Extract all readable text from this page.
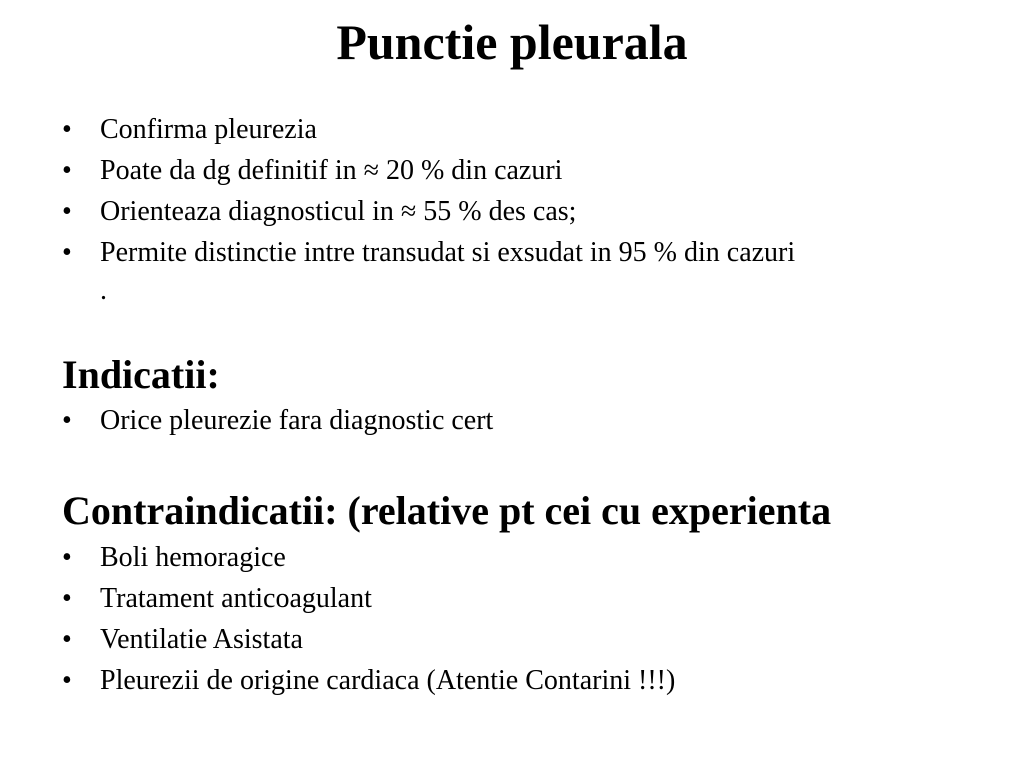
Punctie pleurala
• Confirma pleurezia
• Poate da dg definitif in ≈ 20 % din cazuri
• Orienteaza diagnosticul in ≈ 55 % des cas;
• Permite distinctie intre transudat si exsudat in 95 % din cazuri
.
Indicatii:
• Orice pleurezie fara diagnostic cert
Contraindicatii: (relative pt cei cu experienta
• Boli hemoragice
• Tratament anticoagulant
• Ventilatie Asistata
• Pleurezii de origine cardiaca (Atentie Contarini !!!)
